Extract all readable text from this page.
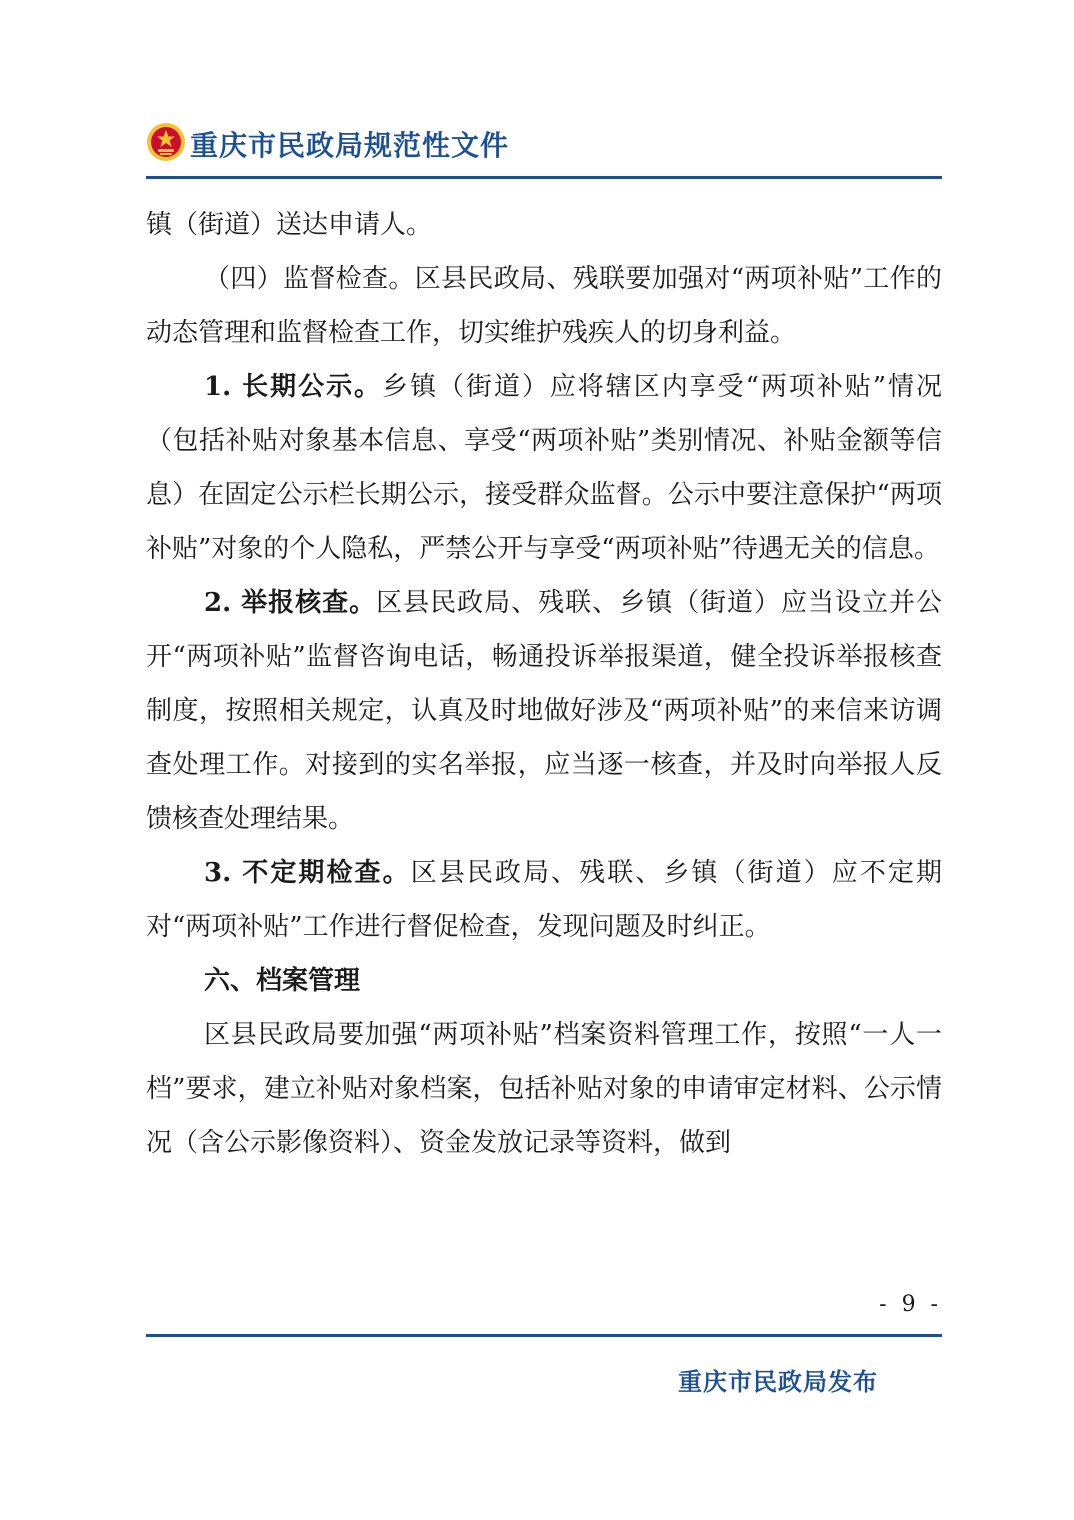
重庆市民政局规范性文件

镇（街道）送达申请人。

（四）监督检查。区县民政局、残联要加强对“两项补贴”工作的动态管理和监督检查工作，切实维护残疾人的切身利益。

1. 长期公示。乡镇（街道）应将辖区内享受“两项补贴”情况（包括补贴对象基本信息、享受“两项补贴”类别情况、补贴金额等信息）在固定公示栏长期公示，接受群众监督。公示中要注意保护“两项补贴”对象的个人隐私，严禁公开与享受“两项补贴”待遇无关的信息。

2. 举报核查。区县民政局、残联、乡镇（街道）应当设立并公开“两项补贴”监督咨询电话，畅通投诉举报渠道，健全投诉举报核查制度，按照相关规定，认真及时地做好涉及“两项补贴”的来信来访调查处理工作。对接到的实名举报，应当逐一核查，并及时向举报人反馈核查处理结果。

3. 不定期检查。区县民政局、残联、乡镇（街道）应不定期对“两项补贴”工作进行督促检查，发现问题及时纠正。

六、档案管理

区县民政局要加强“两项补贴”档案资料管理工作，按照“一人一档”要求，建立补贴对象档案，包括补贴对象的申请审定材料、公示情况（含公示影像资料）、资金发放记录等资料，做到

- 9 -
重庆市民政局发布
